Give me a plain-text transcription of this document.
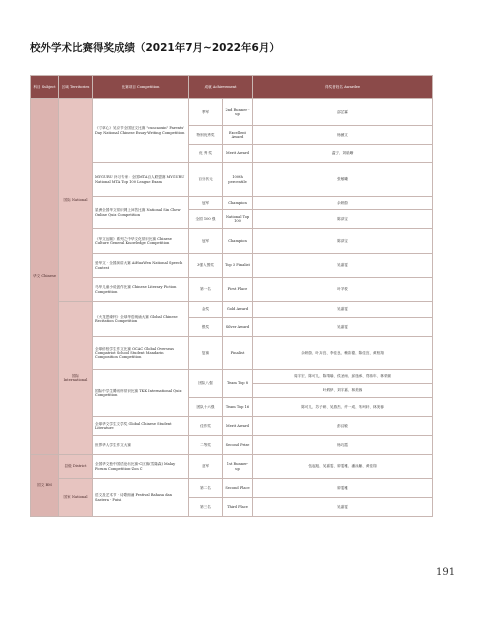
校外学术比赛得奖成绩（2021年7月~2022年6月）
科目 Subject	区域 Territories	比赛项目 Competition	成就 Achievement		得奖者姓名 Awardee
华文 Chinese	国际 National	《寸草心》吴京节全国征文比赛 "cuncaoxin" Parents' Day National Chinese Essay-Writing Competition	季军	2nd Runner -up	邵芷霖
			特别优秀奖	Excellent Award	杨薇文
			优 秀 奖	Merit Award	温宁、刘晗晰
		MYGURU 补习专家：全国MTA百人联盟赛 MYGURU National MTA Top 100 League Exam	百分状元	100th percentile	张敏曦
		星洲全国华文常识网上问答比赛 National Sin Chew Online Quiz Competition	冠军	Champion	余妍蔚
			全国 100 强	National Top 100	陈泽宝
		《华文达顺》系列之中华文化常识比赛 Chinese Culture General Knowledge Competition	冠军	Champion	陈泽宝
		爱华文 · 全国演讲大赛 AiHuaWen National Speech Contest	3强入围奖	Top 3 Finalist	吴嘉雯
		马华儿童小说创作比赛 Chinese Literary Fiction Competition	第一名	First Place	叶芊枚
	国际 International	《火龙恩缘杯》全球华语朗诵大赛 Global Chinese Recitation Competition	金奖	Gold Award	吴嘉雯
			银奖	Silver Award	吴嘉雯
		全球侨校学生作文比赛 OCAC Global Overseas Compatriot School Student Mandarin Composition Competition	复赛	Finalist	余妍蔚、叶卉宜、李佳良、赖彩德、陈佳宜、黄柏翔
		国际中学生腾讯杯常识比赛 TKK International Quiz Competition	团队八强	Team Top 8	周宇宏、陈可儿、陈靖瑜、侯圣雨、邱逸承、郑伟年、林采频
					叶炳伊、刘宇嘉、林美蓉
			团队十六强	Team Top 16	陈可儿、苏子研、吴燕杰、许一成、朱珂轩、林美蓉
		全球华文学生文学奖 Global Chinese Student Literature	佳作奖	Merit Award	彭汉敏
		世界华人学生作文大赛	二等奖	Second Prize	杨巧霞
国文 BM	县级 District	全国华文独中国语论坛比赛-C区赛(雪隆森) Malay Forum Competition-Zon C	亚军	1st Runner-up	伍起旭、吴嘉雯、廖雯雅、潘泳藤、黄佳翔
	国家 National	语文及艺术节 · 诗歌朗诵 Festival Bahasa dan Sastera - Puisi	第二名	Second Place	廖雯雅
			第三名	Third Place	吴嘉雯
191
